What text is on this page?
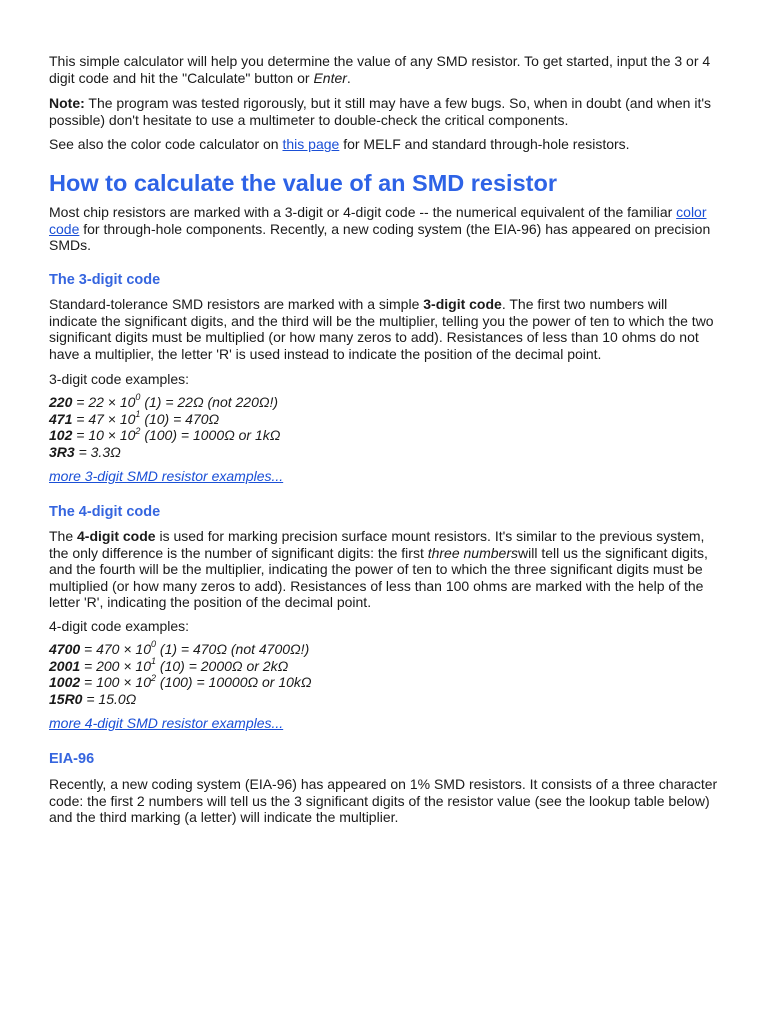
This simple calculator will help you determine the value of any SMD resistor. To get started, input the 3 or 4 digit code and hit the "Calculate" button or Enter.

Note: The program was tested rigorously, but it still may have a few bugs. So, when in doubt (and when it's possible) don't hesitate to use a multimeter to double-check the critical components.

See also the color code calculator on this page for MELF and standard through-hole resistors.

How to calculate the value of an SMD resistor

Most chip resistors are marked with a 3-digit or 4-digit code -- the numerical equivalent of the familiar color code for through-hole components. Recently, a new coding system (the EIA-96) has appeared on precision SMDs.

The 3-digit code

Standard-tolerance SMD resistors are marked with a simple 3-digit code. The first two numbers will indicate the significant digits, and the third will be the multiplier, telling you the power of ten to which the two significant digits must be multiplied (or how many zeros to add). Resistances of less than 10 ohms do not have a multiplier, the letter 'R' is used instead to indicate the position of the decimal point.

3-digit code examples:

$220 = 22 \times 10^0$ (1) = 22Ω (not 220Ω!)
$471 = 47 \times 10^1$ (10) = 470Ω
$102 = 10 \times 10^2$ (100) = 1000Ω or 1kΩ
3R3 = 3.3Ω

more 3-digit SMD resistor examples...

The 4-digit code

The 4-digit code is used for marking precision surface mount resistors. It's similar to the previous system, the only difference is the number of significant digits: the first three numberswill tell us the significant digits, and the fourth will be the multiplier, indicating the power of ten to which the three significant digits must be multiplied (or how many zeros to add). Resistances of less than 100 ohms are marked with the help of the letter 'R', indicating the position of the decimal point.

4-digit code examples:

$4700 = 470 \times 10^0$ (1) = 470Ω (not 4700Ω!)
$2001 = 200 \times 10^1$ (10) = 2000Ω or 2kΩ
$1002 = 100 \times 10^2$ (100) = 10000Ω or 10kΩ
15R0 = 15.0Ω

more 4-digit SMD resistor examples...

EIA-96

Recently, a new coding system (EIA-96) has appeared on 1% SMD resistors. It consists of a three character code: the first 2 numbers will tell us the 3 significant digits of the resistor value (see the lookup table below) and the third marking (a letter) will indicate the multiplier.
